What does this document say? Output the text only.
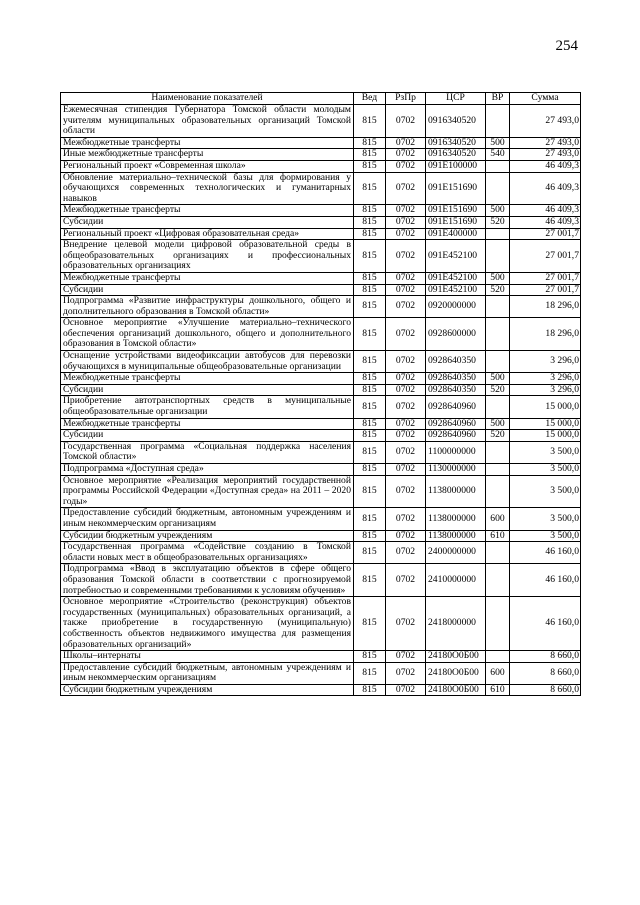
254
Наименование показателей	Вед	РзПр	ЦСР	ВР	Сумма
Ежемесячная стипендия Губернатора Томской области молодым учителям муниципальных образовательных организаций Томской области	815	0702	0916340520		27 493,0
Межбюджетные трансферты	815	0702	0916340520	500	27 493,0
Иные межбюджетные трансферты	815	0702	0916340520	540	27 493,0
Региональный проект «Современная школа»	815	0702	091E100000		46 409,3
Обновление материально–технической базы для формирования у обучающихся современных технологических и гуманитарных навыков	815	0702	091E151690		46 409,3
Межбюджетные трансферты	815	0702	091E151690	500	46 409,3
Субсидии	815	0702	091E151690	520	46 409,3
Региональный проект «Цифровая образовательная среда»	815	0702	091E400000		27 001,7
Внедрение целевой модели цифровой образовательной среды в общеобразовательных организациях и профессиональных образовательных организациях	815	0702	091E452100		27 001,7
Межбюджетные трансферты	815	0702	091E452100	500	27 001,7
Субсидии	815	0702	091E452100	520	27 001,7
Подпрограмма «Развитие инфраструктуры дошкольного, общего и дополнительного образования в Томской области»	815	0702	0920000000		18 296,0
Основное мероприятие «Улучшение материально–технического обеспечения организаций дошкольного, общего и дополнительного образования в Томской области»	815	0702	0928600000		18 296,0
Оснащение устройствами видеофиксации автобусов для перевозки обучающихся в муниципальные общеобразовательные организации	815	0702	0928640350		3 296,0
Межбюджетные трансферты	815	0702	0928640350	500	3 296,0
Субсидии	815	0702	0928640350	520	3 296,0
Приобретение автотранспортных средств в муниципальные общеобразовательные организации	815	0702	0928640960		15 000,0
Межбюджетные трансферты	815	0702	0928640960	500	15 000,0
Субсидии	815	0702	0928640960	520	15 000,0
Государственная программа «Социальная поддержка населения Томской области»	815	0702	1100000000		3 500,0
Подпрограмма «Доступная среда»	815	0702	1130000000		3 500,0
Основное мероприятие «Реализация мероприятий государственной программы Российской Федерации «Доступная среда» на 2011 – 2020 годы»	815	0702	1138000000		3 500,0
Предоставление субсидий бюджетным, автономным учреждениям и иным некоммерческим организациям	815	0702	1138000000	600	3 500,0
Субсидии бюджетным учреждениям	815	0702	1138000000	610	3 500,0
Государственная программа «Содействие созданию в Томской области новых мест в общеобразовательных организациях»	815	0702	2400000000		46 160,0
Подпрограмма «Ввод в эксплуатацию объектов в сфере общего образования Томской области в соответствии с прогнозируемой потребностью и современными требованиями к условиям обучения»	815	0702	2410000000		46 160,0
Основное мероприятие «Строительство (реконструкция) объектов государственных (муниципальных) образовательных организаций, а также приобретение в государственную (муниципальную) собственность объектов недвижимого имущества для размещения образовательных организаций»	815	0702	2418000000		46 160,0
Школы–интернаты	815	0702	24180О0Б00		8 660,0
Предоставление субсидий бюджетным, автономным учреждениям и иным некоммерческим организациям	815	0702	24180О0Б00	600	8 660,0
Субсидии бюджетным учреждениям	815	0702	24180О0Б00	610	8 660,0
